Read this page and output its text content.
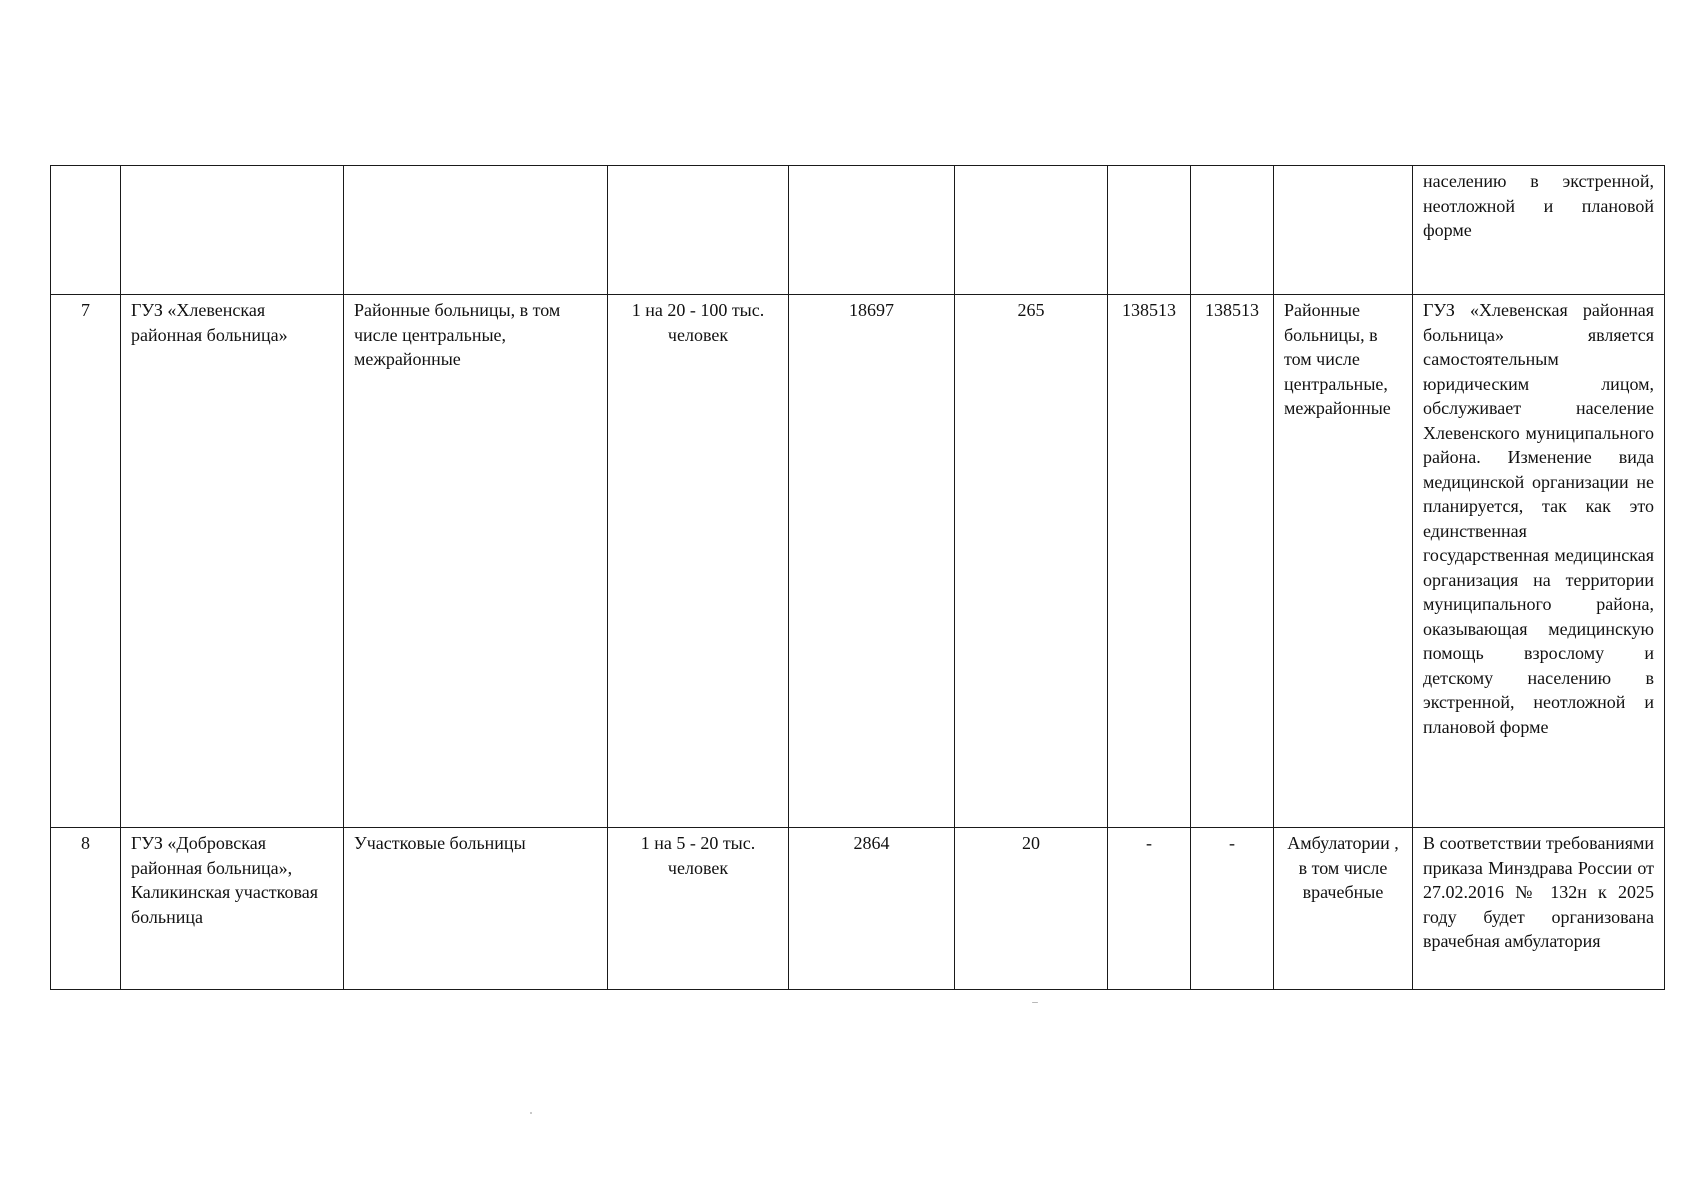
									населению в экстренной, неотложной и плановой форме
7	ГУЗ «Хлевенская районная больница»	Районные больницы, в том числе центральные, межрайонные	1 на 20 - 100 тыс. человек	18697	265	138513	138513	Районные больницы, в том числе центральные, межрайонные	ГУЗ «Хлевенская районная больница» является самостоятельным юридическим лицом, обслуживает население Хлевенского муниципального района. Изменение вида медицинской организации не планируется, так как это единственная государственная медицинская организация на территории муниципального района, оказывающая медицинскую помощь взрослому и детскому населению в экстренной, неотложной и плановой форме
8	ГУЗ «Добровская районная больница», Каликинская участковая больница	Участковые больницы	1 на 5 - 20 тыс. человек	2864	20	-	-	Амбулатории , в том числе врачебные	В соответствии требованиями приказа Минздрава России от 27.02.2016 № 132н к 2025 году будет организована врачебная амбулатория
